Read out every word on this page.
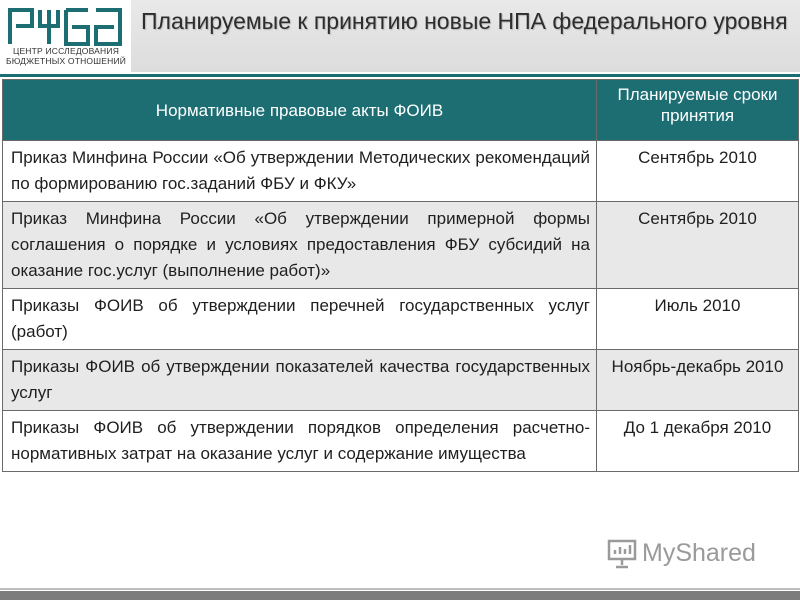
ЦЕНТР ИССЛЕДОВАНИЯ
БЮДЖЕТНЫХ ОТНОШЕНИЙ
Планируемые к принятию новые НПА федерального уровня
Нормативные правовые акты ФОИВ	Планируемые сроки принятия
Приказ Минфина России «Об утверждении Методических рекомендаций по формированию гос.заданий ФБУ и ФКУ»	Сентябрь 2010
Приказ Минфина России «Об утверждении примерной формы соглашения о порядке и условиях предоставления ФБУ субсидий на оказание гос.услуг (выполнение работ)»	Сентябрь 2010
Приказы ФОИВ об утверждении перечней государственных услуг (работ)	Июль 2010
Приказы ФОИВ об утверждении показателей качества государственных услуг	Ноябрь-декабрь 2010
Приказы ФОИВ об утверждении порядков определения расчетно-нормативных затрат на оказание услуг и содержание имущества	До 1 декабря 2010
MyShared
